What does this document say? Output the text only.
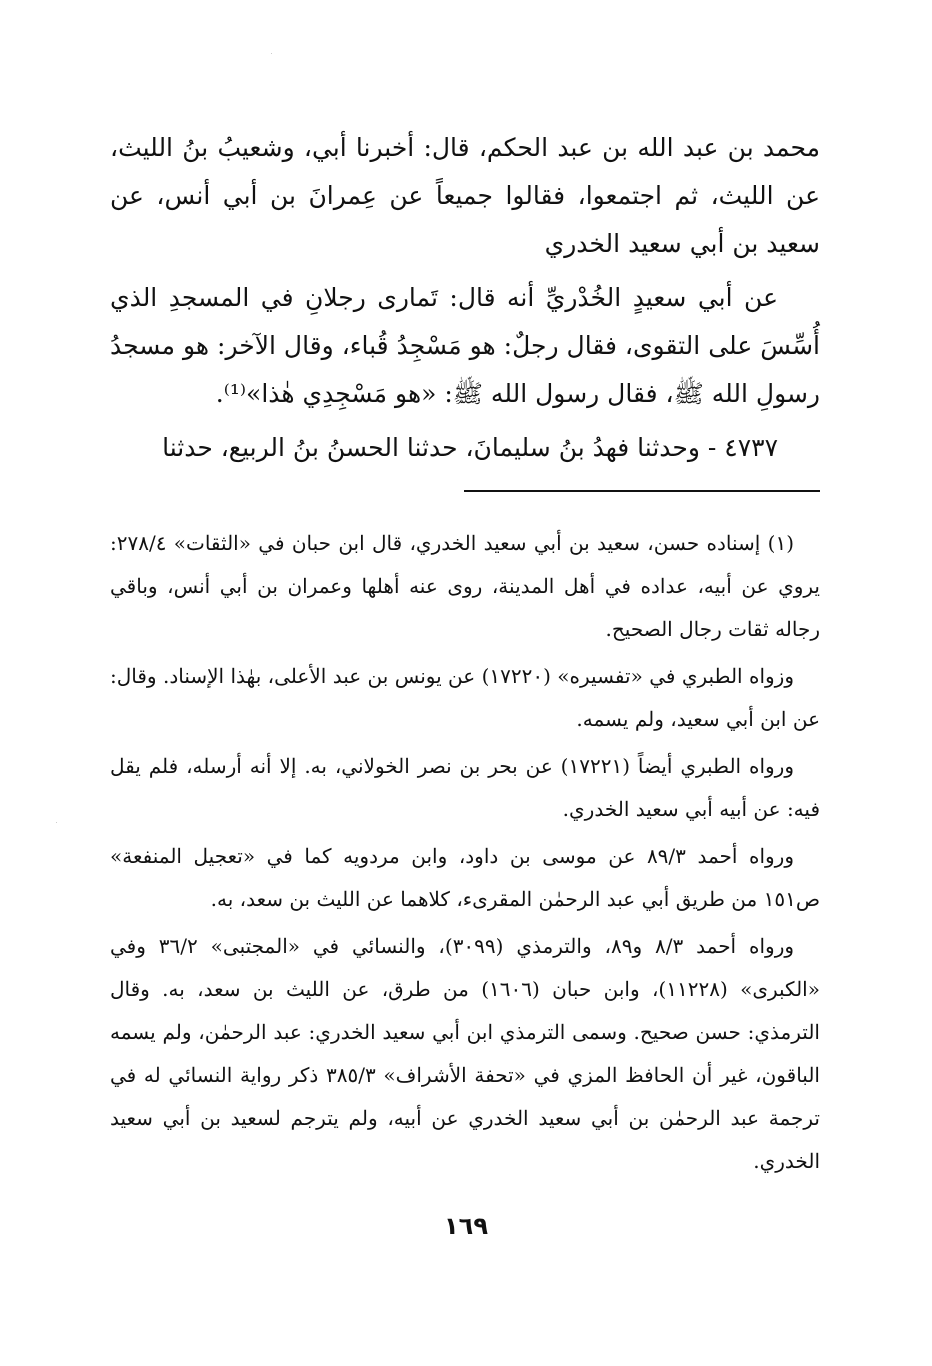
محمد بن عبد الله بن عبد الحكم، قال: أخبرنا أبي، وشعيبُ بنُ الليث، عن الليث، ثم اجتمعوا، فقالوا جميعاً عن عِمرانَ بن أبي أنس، عن سعيد بن أبي سعيد الخدري

عن أبي سعيدٍ الخُدْريِّ أنه قال: تَمارى رجلانِ في المسجدِ الذي أُسِّسَ على التقوى، فقال رجلٌ: هو مَسْجِدُ قُباء، وقال الآخر: هو مسجدُ رسولِ الله ﷺ، فقال رسول الله ﷺ: «هو مَسْجِدِي هٰذا»⁽¹⁾.

٤٧٣٧ - وحدثنا فهدُ بنُ سليمانَ، حدثنا الحسنُ بنُ الربيع، حدثنا

(١) إسناده حسن، سعيد بن أبي سعيد الخدري، قال ابن حبان في «الثقات» ٢٧٨/٤: يروي عن أبيه، عداده في أهل المدينة، روى عنه أهلها وعمران بن أبي أنس، وباقي رجاله ثقات رجال الصحيح.

وزواه الطبري في «تفسيره» (١٧٢٢٠) عن يونس بن عبد الأعلى، بهٰذا الإسناد. وقال: عن ابن أبي سعيد، ولم يسمه.

ورواه الطبري أيضاً (١٧٢٢١) عن بحر بن نصر الخولاني، به. إلا أنه أرسله، فلم يقل فيه: عن أبيه أبي سعيد الخدري.

ورواه أحمد ٨٩/٣ عن موسى بن داود، وابن مردويه كما في «تعجيل المنفعة» ص١٥١ من طريق أبي عبد الرحمٰن المقرىء، كلاهما عن الليث بن سعد، به.

ورواه أحمد ٨/٣ و٨٩، والترمذي (٣٠٩٩)، والنسائي في «المجتبى» ٣٦/٢ وفي «الكبرى» (١١٢٢٨)، وابن حبان (١٦٠٦) من طرق، عن الليث بن سعد، به. وقال الترمذي: حسن صحيح. وسمى الترمذي ابن أبي سعيد الخدري: عبد الرحمٰن، ولم يسمه الباقون، غير أن الحافظ المزي في «تحفة الأشراف» ٣٨٥/٣ ذكر رواية النسائي له في ترجمة عبد الرحمٰن بن أبي سعيد الخدري عن أبيه، ولم يترجم لسعيد بن أبي سعيد الخدري.

١٦٩
